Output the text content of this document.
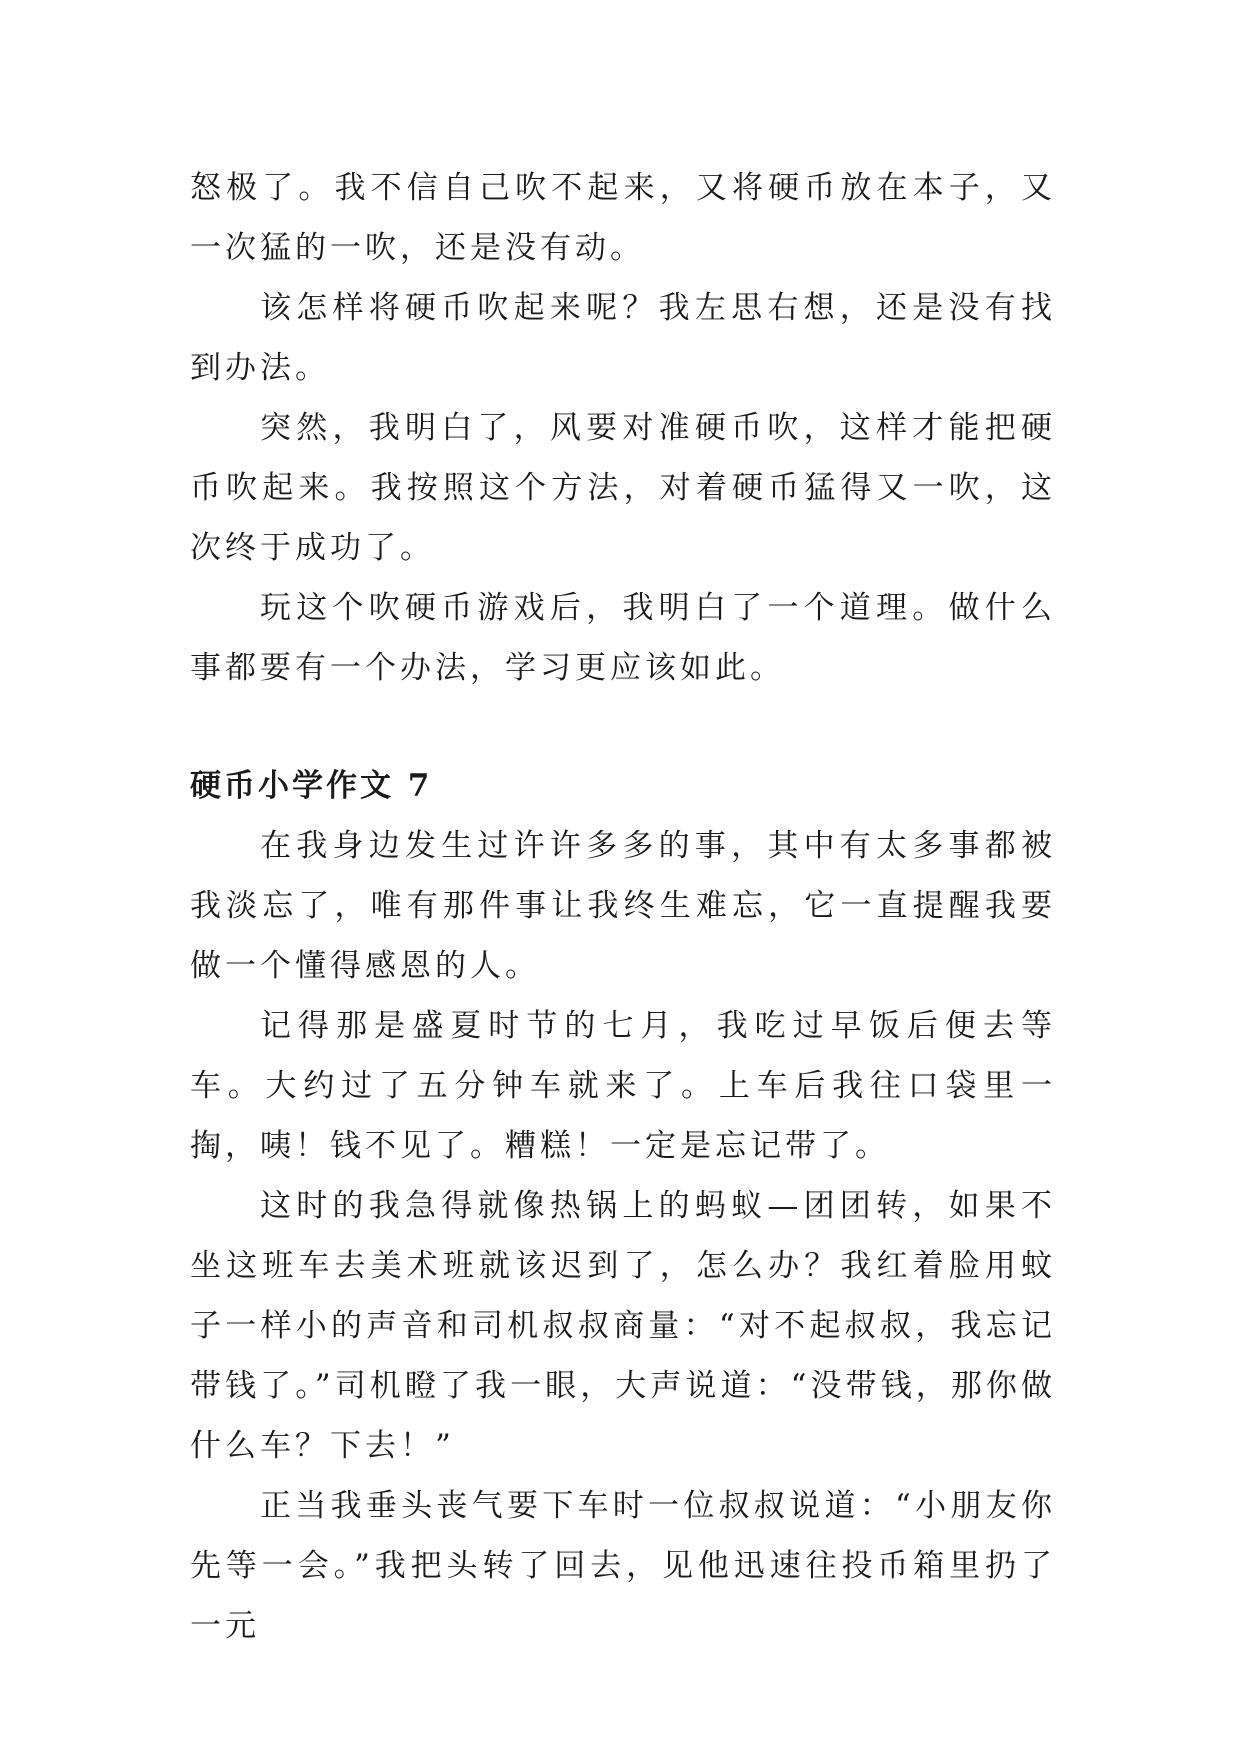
怒极了。我不信自己吹不起来，又将硬币放在本子，又一次猛的一吹，还是没有动。

该怎样将硬币吹起来呢？我左思右想，还是没有找到办法。

突然，我明白了，风要对准硬币吹，这样才能把硬币吹起来。我按照这个方法，对着硬币猛得又一吹，这次终于成功了。

玩这个吹硬币游戏后，我明白了一个道理。做什么事都要有一个办法，学习更应该如此。

硬币小学作文 7

在我身边发生过许许多多的事，其中有太多事都被我淡忘了，唯有那件事让我终生难忘，它一直提醒我要做一个懂得感恩的人。

记得那是盛夏时节的七月，我吃过早饭后便去等车。大约过了五分钟车就来了。上车后我往口袋里一掏，咦！钱不见了。糟糕！一定是忘记带了。

这时的我急得就像热锅上的蚂蚁—团团转，如果不坐这班车去美术班就该迟到了，怎么办？我红着脸用蚊子一样小的声音和司机叔叔商量：“对不起叔叔，我忘记带钱了。”司机瞪了我一眼，大声说道：“没带钱，那你做什么车？下去！”

正当我垂头丧气要下车时一位叔叔说道：“小朋友你先等一会。”我把头转了回去，见他迅速往投币箱里扔了一元
